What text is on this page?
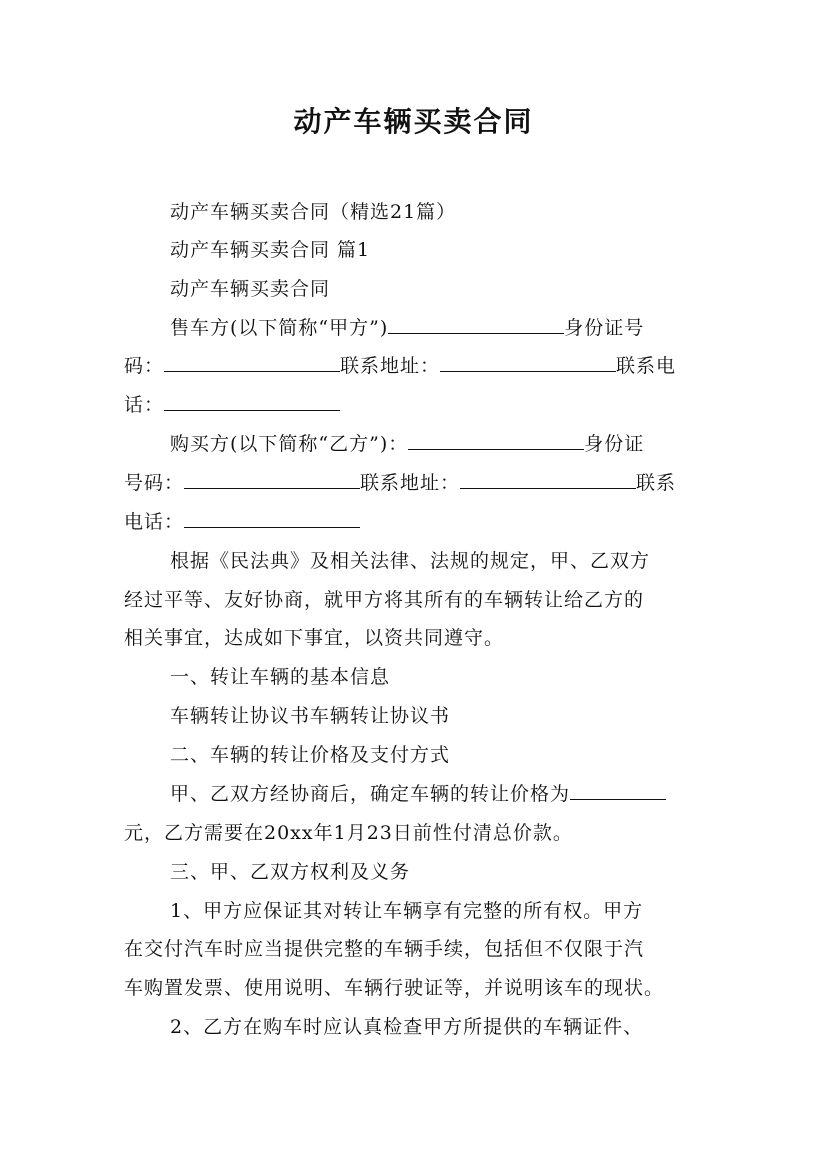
动产车辆买卖合同
动产车辆买卖合同（精选21篇）
动产车辆买卖合同 篇1
动产车辆买卖合同
售车方(以下简称“甲方”)	身份证号
码：	联系地址：	联系电
话：
购买方(以下简称“乙方”)：	身份证
号码：	联系地址：	联系
电话：
根据《民法典》及相关法律、法规的规定，甲、乙双方
经过平等、友好协商，就甲方将其所有的车辆转让给乙方的
相关事宜，达成如下事宜，以资共同遵守。
一、转让车辆的基本信息
车辆转让协议书车辆转让协议书
二、车辆的转让价格及支付方式
甲、乙双方经协商后，确定车辆的转让价格为
元，乙方需要在20xx年1月23日前性付清总价款。
三、甲、乙双方权利及义务
1、甲方应保证其对转让车辆享有完整的所有权。甲方
在交付汽车时应当提供完整的车辆手续，包括但不仅限于汽
车购置发票、使用说明、车辆行驶证等，并说明该车的现状。
2、乙方在购车时应认真检查甲方所提供的车辆证件、
